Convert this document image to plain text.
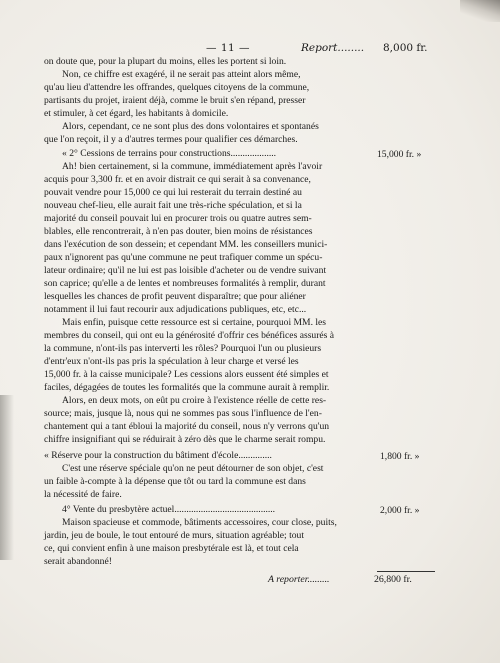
— 11 —	Report........ 8,000 fr.
on doute que, pour la plupart du moins, elles les portent si loin.
Non, ce chiffre est exagéré, il ne serait pas atteint alors même,
qu'au lieu d'attendre les offrandes, quelques citoyens de la commune,
partisants du projet, iraient déjà, comme le bruit s'en répand, presser
et stimuler, à cet égard, les habitants à domicile.
Alors, cependant, ce ne sont plus des dons volontaires et spontanés
que l'on reçoit, il y a d'autres termes pour qualifier ces démarches.
« 2° Cessions de terrains pour constructions...................	15,000 fr. »
Ah! bien certainement, si la commune, immédiatement après l'avoir
acquis pour 3,300 fr. et en avoir distrait ce qui serait à sa convenance,
pouvait vendre pour 15,000 ce qui lui resterait du terrain destiné au
nouveau chef-lieu, elle aurait fait une très-riche spéculation, et si la
majorité du conseil pouvait lui en procurer trois ou quatre autres sem-
blables, elle rencontrerait, à n'en pas douter, bien moins de résistances
dans l'exécution de son dessein; et cependant MM. les conseillers munici-
paux n'ignorent pas qu'une commune ne peut trafiquer comme un spécu-
lateur ordinaire; qu'il ne lui est pas loisible d'acheter ou de vendre suivant
son caprice; qu'elle a de lentes et nombreuses formalités à remplir, durant
lesquelles les chances de profit peuvent disparaître; que pour aliéner
notamment il lui faut recourir aux adjudications publiques, etc, etc...
Mais enfin, puisque cette ressource est si certaine, pourquoi MM. les
membres du conseil, qui ont eu la générosité d'offrir ces bénéfices assurés à
la commune, n'ont-ils pas interverti les rôles? Pourquoi l'un ou plusieurs
d'entr'eux n'ont-ils pas pris la spéculation à leur charge et versé les
15,000 fr. à la caisse municipale? Les cessions alors eussent été simples et
faciles, dégagées de toutes les formalités que la commune aurait à remplir.
Alors, en deux mots, on eût pu croire à l'existence réelle de cette res-
source; mais, jusque là, nous qui ne sommes pas sous l'influence de l'en-
chantement qui a tant ébloui la majorité du conseil, nous n'y verrons qu'un
chiffre insignifiant qui se réduirait à zéro dès que le charme serait rompu.
« Réserve pour la construction du bâtiment d'école..............	1,800 fr. »
C'est une réserve spéciale qu'on ne peut détourner de son objet, c'est
un faible à-compte à la dépense que tôt ou tard la commune est dans
la nécessité de faire.
4° Vente du presbytère actuel..........................................	2,000 fr. »
Maison spacieuse et commode, bâtiments accessoires, cour close, puits,
jardin, jeu de boule, le tout entouré de murs, situation agréable; tout
ce, qui convient enfin à une maison presbytérale est là, et tout cela
serait abandonné!
A reporter.........	26,800 fr.
